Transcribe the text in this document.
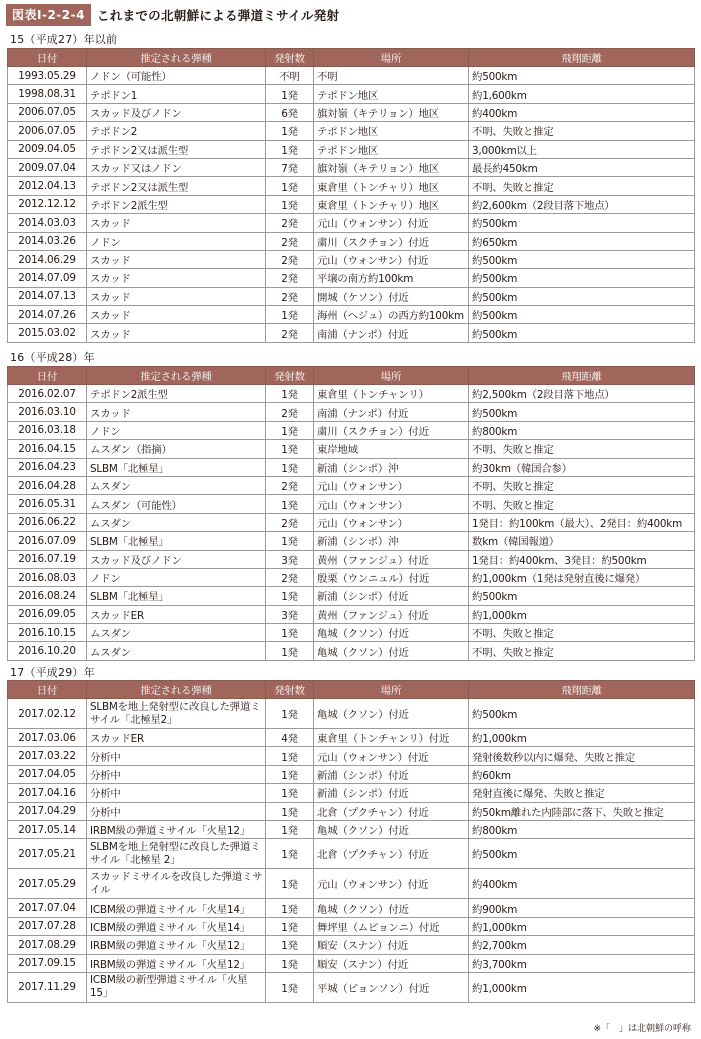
図表Ⅰ-2-2-4 これまでの北朝鮮による弾道ミサイル発射
15（平成27）年以前
日付	推定される弾種	発射数	場所	飛翔距離
1993.05.29	ノドン（可能性）	不明	不明	約500km
1998.08.31	テポドン1	1発	テポドン地区	約1,600km
2006.07.05	スカッド及びノドン	6発	旗対嶺（キテリョン）地区	約400km
2006.07.05	テポドン2	1発	テポドン地区	不明、失敗と推定
2009.04.05	テポドン2又は派生型	1発	テポドン地区	3,000km以上
2009.07.04	スカッド又はノドン	7発	旗対嶺（キテリョン）地区	最長約450km
2012.04.13	テポドン2又は派生型	1発	東倉里（トンチャリ）地区	不明、失敗と推定
2012.12.12	テポドン2派生型	1発	東倉里（トンチャリ）地区	約2,600km（2段目落下地点）
2014.03.03	スカッド	2発	元山（ウォンサン）付近	約500km
2014.03.26	ノドン	2発	粛川（スクチョン）付近	約650km
2014.06.29	スカッド	2発	元山（ウォンサン）付近	約500km
2014.07.09	スカッド	2発	平壌の南方約100km	約500km
2014.07.13	スカッド	2発	開城（ケソン）付近	約500km
2014.07.26	スカッド	1発	海州（ヘジュ）の西方約100km	約500km
2015.03.02	スカッド	2発	南浦（ナンポ）付近	約500km
16（平成28）年
日付	推定される弾種	発射数	場所	飛翔距離
2016.02.07	テポドン2派生型	1発	東倉里（トンチャンリ）	約2,500km（2段目落下地点）
2016.03.10	スカッド	2発	南浦（ナンポ）付近	約500km
2016.03.18	ノドン	1発	粛川（スクチョン）付近	約800km
2016.04.15	ムスダン（指摘）	1発	東岸地域	不明、失敗と推定
2016.04.23	SLBM「北極星」	1発	新浦（シンポ）沖	約30km（韓国合参）
2016.04.28	ムスダン	2発	元山（ウォンサン）	不明、失敗と推定
2016.05.31	ムスダン（可能性）	1発	元山（ウォンサン）	不明、失敗と推定
2016.06.22	ムスダン	2発	元山（ウォンサン）	1発目：約100km（最大）、2発目：約400km
2016.07.09	SLBM「北極星」	1発	新浦（シンポ）沖	数km（韓国報道）
2016.07.19	スカッド及びノドン	3発	黄州（ファンジュ）付近	1発目：約400km、3発目：約500km
2016.08.03	ノドン	2発	殷栗（ウンニュル）付近	約1,000km（1発は発射直後に爆発）
2016.08.24	SLBM「北極星」	1発	新浦（シンポ）付近	約500km
2016.09.05	スカッドER	3発	黄州（ファンジュ）付近	約1,000km
2016.10.15	ムスダン	1発	亀城（クソン）付近	不明、失敗と推定
2016.10.20	ムスダン	1発	亀城（クソン）付近	不明、失敗と推定
17（平成29）年
日付	推定される弾種	発射数	場所	飛翔距離
2017.02.12	SLBMを地上発射型に改良した弾道ミサイル「北極星2」	1発	亀城（クソン）付近	約500km
2017.03.06	スカッドER	4発	東倉里（トンチャンリ）付近	約1,000km
2017.03.22	分析中	1発	元山（ウォンサン）付近	発射後数秒以内に爆発、失敗と推定
2017.04.05	分析中	1発	新浦（シンポ）付近	約60km
2017.04.16	分析中	1発	新浦（シンポ）付近	発射直後に爆発、失敗と推定
2017.04.29	分析中	1発	北倉（プクチャン）付近	約50km離れた内陸部に落下、失敗と推定
2017.05.14	IRBM級の弾道ミサイル「火星12」	1発	亀城（クソン）付近	約800km
2017.05.21	SLBMを地上発射型に改良した弾道ミサイル「北極星 2」	1発	北倉（プクチャン）付近	約500km
2017.05.29	スカッドミサイルを改良した弾道ミサイル	1発	元山（ウォンサン）付近	約400km
2017.07.04	ICBM級の弾道ミサイル「火星14」	1発	亀城（クソン）付近	約900km
2017.07.28	ICBM級の弾道ミサイル「火星14」	1発	舞坪里（ムピョンニ）付近	約1,000km
2017.08.29	IRBM級の弾道ミサイル「火星12」	1発	順安（スナン）付近	約2,700km
2017.09.15	IRBM級の弾道ミサイル「火星12」	1発	順安（スナン）付近	約3,700km
2017.11.29	ICBM級の新型弾道ミサイル「火星15」	1発	平城（ピョンソン）付近	約1,000km
※「　」は北朝鮮の呼称
